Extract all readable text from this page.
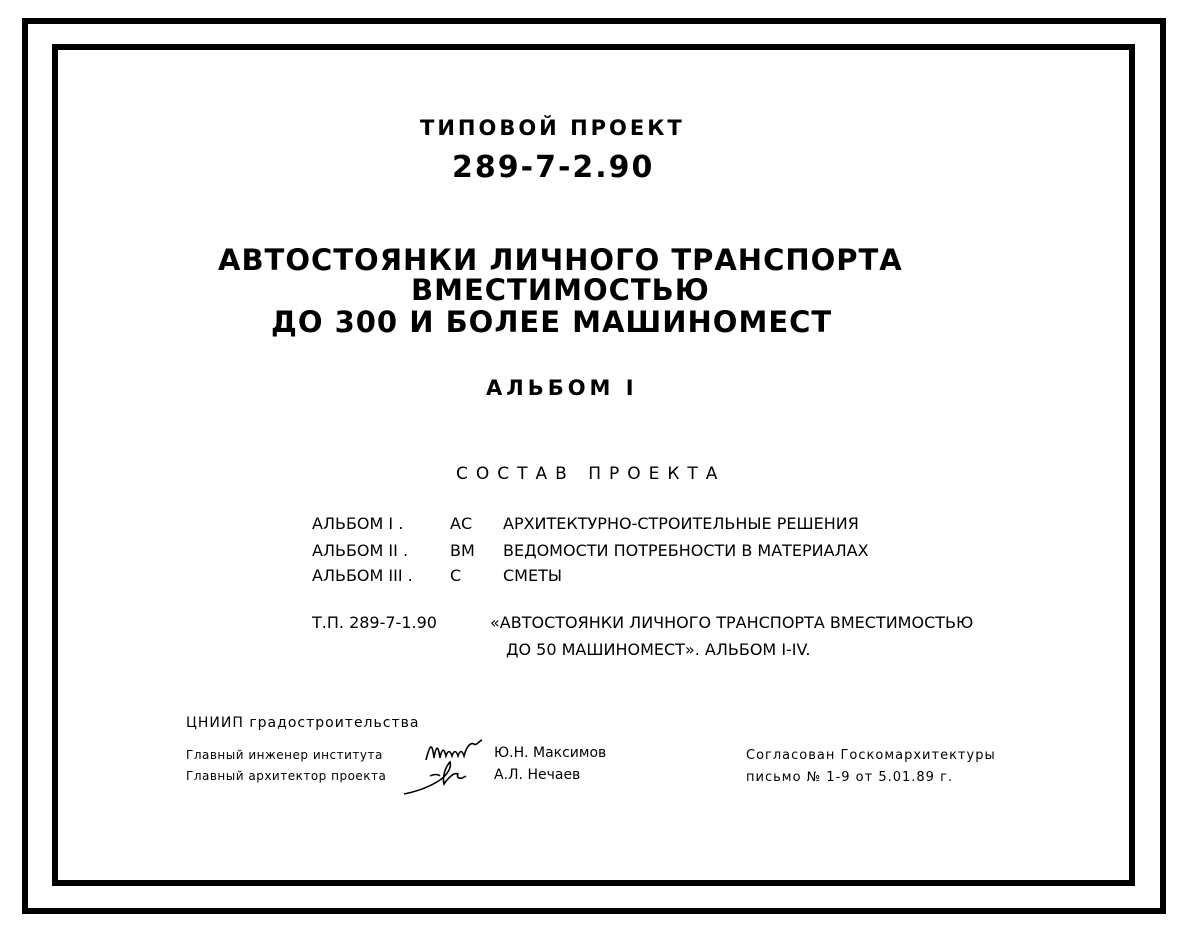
ТИПОВОЙ ПРОЕКТ
289-7-2.90
АВТОСТОЯНКИ ЛИЧНОГО ТРАНСПОРТА
ВМЕСТИМОСТЬЮ
ДО 300 И БОЛЕЕ МАШИНОМЕСТ
АЛЬБОМ I
СОСТАВ ПРОЕКТА
АЛЬБОМ I .	АС АРХИТЕКТУРНО-СТРОИТЕЛЬНЫЕ РЕШЕНИЯ
АЛЬБОМ II .	ВМ ВЕДОМОСТИ ПОТРЕБНОСТИ В МАТЕРИАЛАХ
АЛЬБОМ III . С	СМЕТЫ
Т.П. 289-7-1.90	«АВТОСТОЯНКИ ЛИЧНОГО ТРАНСПОРТА ВМЕСТИМОСТЬЮ
ДО 50 МАШИНОМЕСТ». АЛЬБОМ I-IV.
ЦНИИП градостроительства
Главный инженер института
Главный архитектор проекта
Ю.Н. Максимов
А.Л. Нечаев
Согласован Госкомархитектуры
письмо № 1-9 от 5.01.89 г.
